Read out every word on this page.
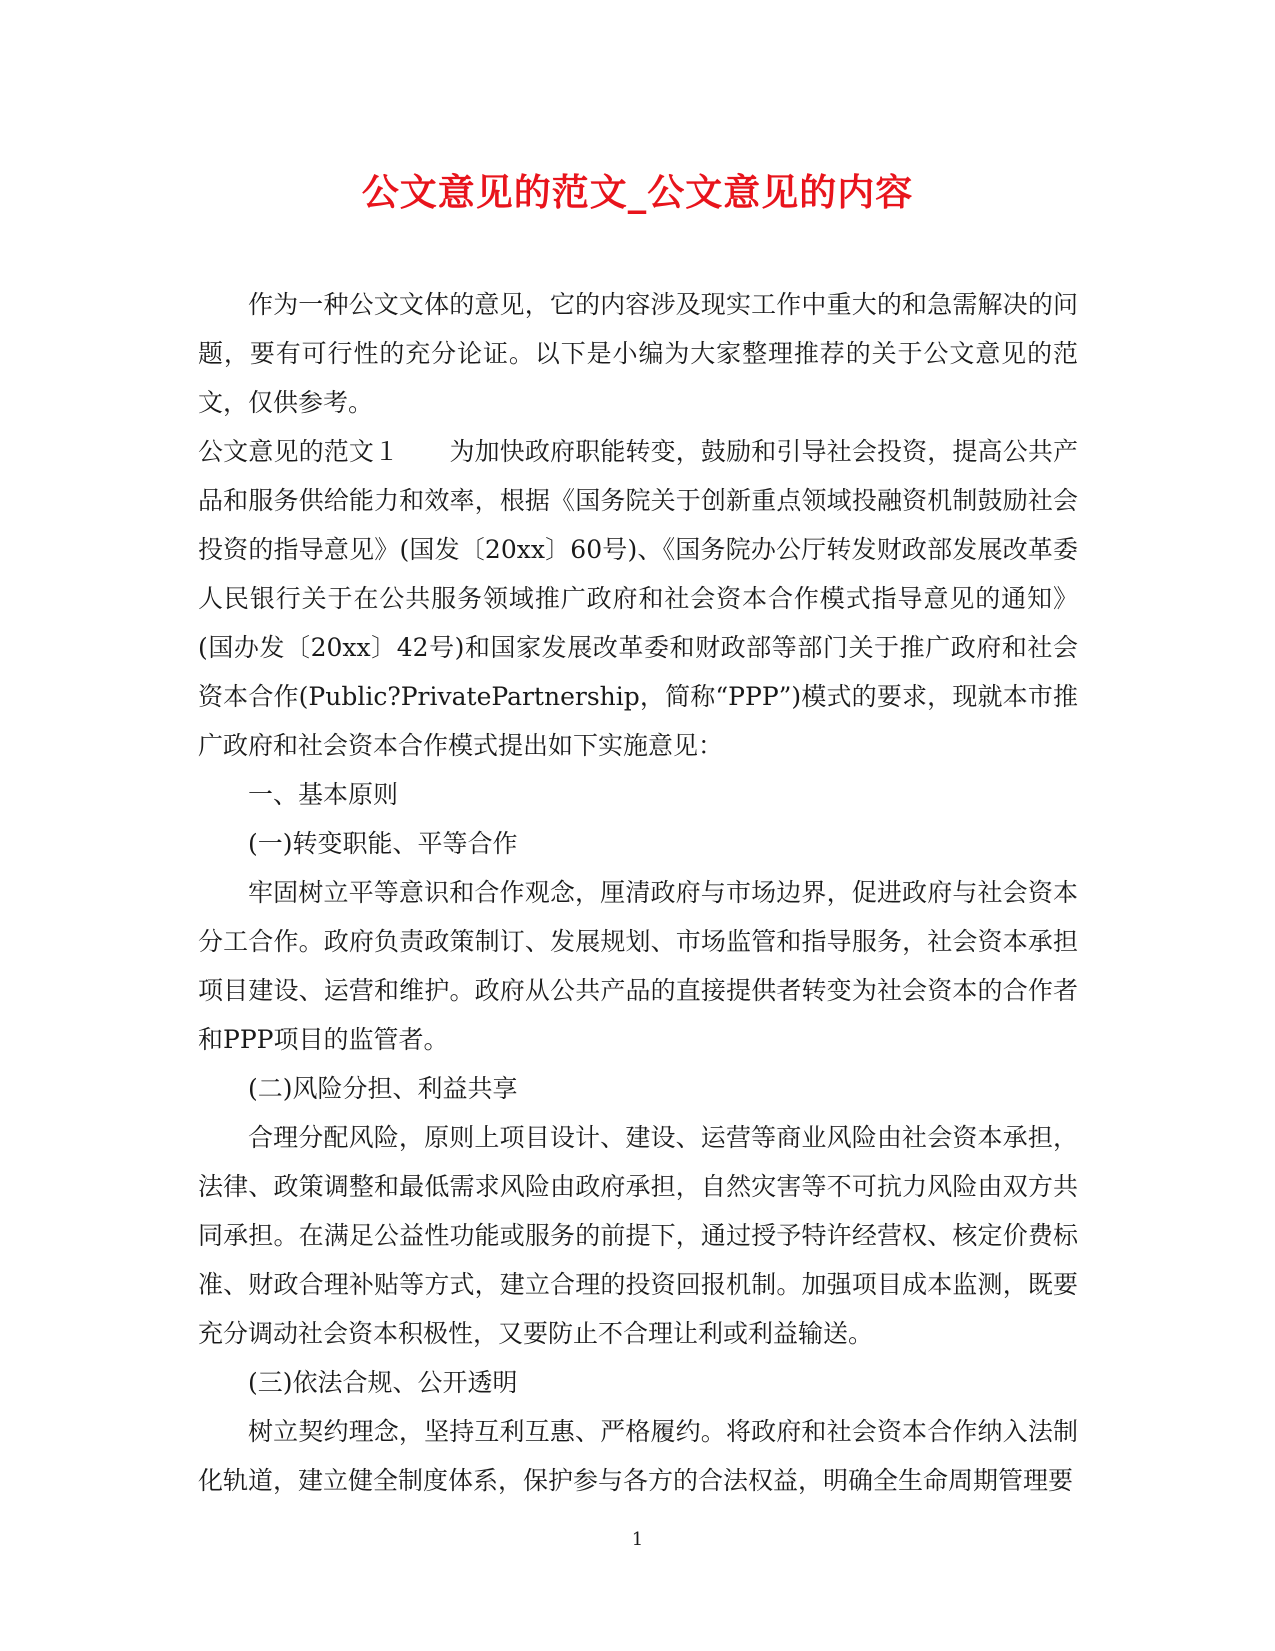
公文意见的范文_公文意见的内容

作为一种公文文体的意见，它的内容涉及现实工作中重大的和急需解决的问题，要有可行性的充分论证。以下是小编为大家整理推荐的关于公文意见的范文，仅供参考。

公文意见的范文１　　为加快政府职能转变，鼓励和引导社会投资，提高公共产品和服务供给能力和效率，根据《国务院关于创新重点领域投融资机制鼓励社会投资的指导意见》(国发〔20xx〕60号)、《国务院办公厅转发财政部发展改革委人民银行关于在公共服务领域推广政府和社会资本合作模式指导意见的通知》(国办发〔20xx〕42号)和国家发展改革委和财政部等部门关于推广政府和社会资本合作(Public?PrivatePartnership，简称“PPP”)模式的要求，现就本市推广政府和社会资本合作模式提出如下实施意见：

一、基本原则

(一)转变职能、平等合作

牢固树立平等意识和合作观念，厘清政府与市场边界，促进政府与社会资本分工合作。政府负责政策制订、发展规划、市场监管和指导服务，社会资本承担项目建设、运营和维护。政府从公共产品的直接提供者转变为社会资本的合作者和PPP项目的监管者。

(二)风险分担、利益共享

合理分配风险，原则上项目设计、建设、运营等商业风险由社会资本承担，法律、政策调整和最低需求风险由政府承担，自然灾害等不可抗力风险由双方共同承担。在满足公益性功能或服务的前提下，通过授予特许经营权、核定价费标准、财政合理补贴等方式，建立合理的投资回报机制。加强项目成本监测，既要充分调动社会资本积极性，又要防止不合理让利或利益输送。

(三)依法合规、公开透明

树立契约理念，坚持互利互惠、严格履约。将政府和社会资本合作纳入法制化轨道，建立健全制度体系，保护参与各方的合法权益，明确全生命周期管理要

1
